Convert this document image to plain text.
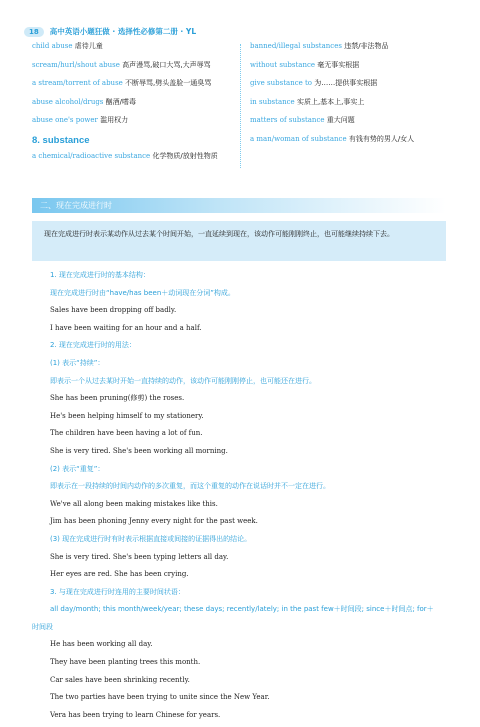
18	高中英语小题狂做 · 选择性必修第二册 · YL
child abuse 虐待儿童
scream/hurl/shout abuse 高声漫骂,破口大骂,大声辱骂
a stream/torrent of abuse 不断辱骂,劈头盖脸一通臭骂
abuse alcohol/drugs 酗酒/嗜毒
abuse one's power 滥用权力
8. substance
a chemical/radioactive substance 化学物质/放射性物质
banned/illegal substances 违禁/非法物品
without substance 毫无事实根据
give substance to 为……提供事实根据
in substance 实质上,基本上,事实上
matters of substance 重大问题
a man/woman of substance 有钱有势的男人/女人
二、现在完成进行时
现在完成进行时表示某动作从过去某个时间开始，一直延续到现在，该动作可能刚刚终止，也可能继续持续下去。
1. 现在完成进行时的基本结构：
现在完成进行时由“have/has been＋动词现在分词”构成。
Sales have been dropping off badly.
I have been waiting for an hour and a half.
2. 现在完成进行时的用法：
(1) 表示“持续”：
即表示一个从过去某时开始一直持续的动作，该动作可能刚刚停止，也可能还在进行。
She has been pruning(修剪) the roses.
He's been helping himself to my stationery.
The children have been having a lot of fun.
She is very tired. She's been working all morning.
(2) 表示“重复”：
即表示在一段持续的时间内动作的多次重复，而这个重复的动作在说话时并不一定在进行。
We've all along been making mistakes like this.
Jim has been phoning Jenny every night for the past week.
(3) 现在完成进行时有时表示根据直接或间接的证据得出的结论。
She is very tired. She's been typing letters all day.
Her eyes are red. She has been crying.
3. 与现在完成进行时连用的主要时间状语：
all day/month; this month/week/year; these days; recently/lately; in the past few＋时间段; since＋时间点; for＋
时间段
He has been working all day.
They have been planting trees this month.
Car sales have been shrinking recently.
The two parties have been trying to unite since the New Year.
Vera has been trying to learn Chinese for years.
